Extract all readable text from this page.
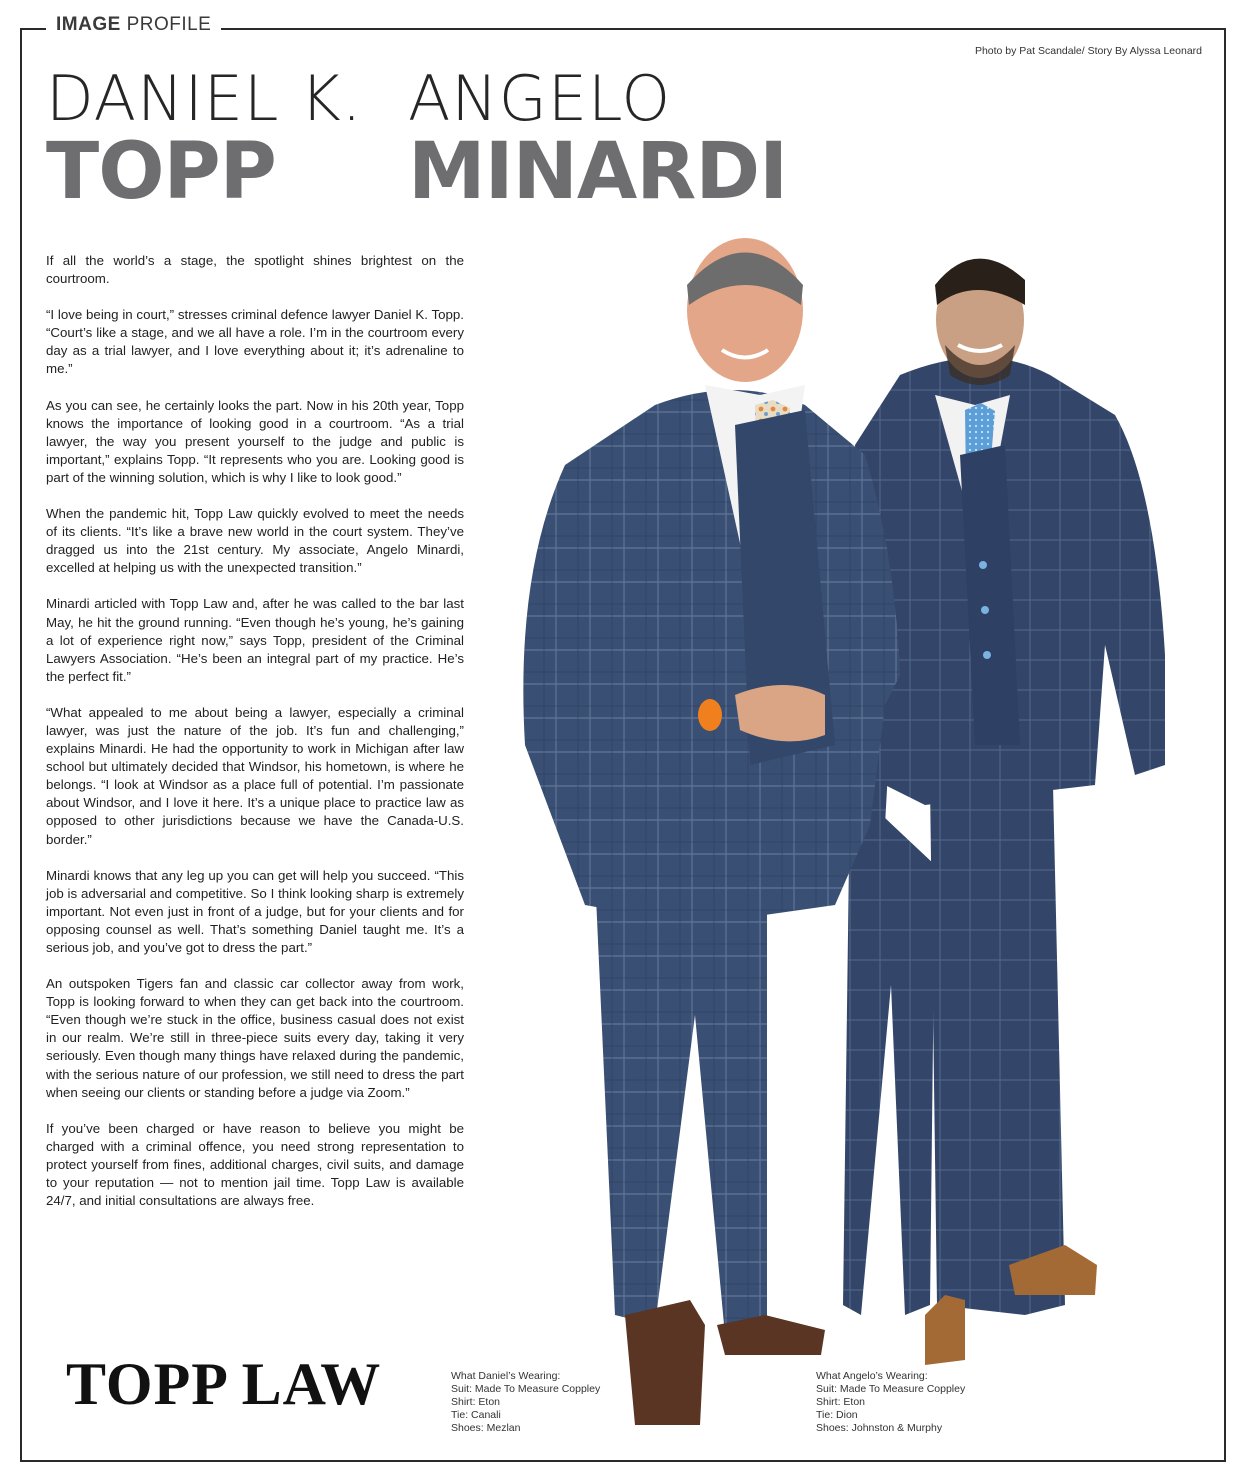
IMAGE PROFILE
Photo by Pat Scandale/ Story By Alyssa Leonard
DANIEL K.
TOPP
ANGELO
MINARDI

If all the world’s a stage, the spotlight shines brightest on the courtroom.

“I love being in court,” stresses criminal defence lawyer Daniel K. Topp. “Court’s like a stage, and we all have a role. I’m in the courtroom every day as a trial lawyer, and I love everything about it; it’s adrenaline to me.”

As you can see, he certainly looks the part. Now in his 20th year, Topp knows the importance of looking good in a courtroom. “As a trial lawyer, the way you present yourself to the judge and public is important,” explains Topp. “It represents who you are. Looking good is part of the winning solution, which is why I like to look good.”

When the pandemic hit, Topp Law quickly evolved to meet the needs of its clients. “It’s like a brave new world in the court system. They’ve dragged us into the 21st century. My associate, Angelo Minardi, excelled at helping us with the unexpected transition.”

Minardi articled with Topp Law and, after he was called to the bar last May, he hit the ground running. “Even though he’s young, he’s gaining a lot of experience right now,” says Topp, president of the Criminal Lawyers Association. “He’s been an integral part of my practice. He’s the perfect fit.”

“What appealed to me about being a lawyer, especially a criminal lawyer, was just the nature of the job. It’s fun and challenging,” explains Minardi. He had the opportunity to work in Michigan after law school but ultimately decided that Windsor, his hometown, is where he belongs. “I look at Windsor as a place full of potential. I’m passionate about Windsor, and I love it here. It’s a unique place to practice law as opposed to other jurisdictions because we have the Canada-U.S. border.”

Minardi knows that any leg up you can get will help you succeed. “This job is adversarial and competitive. So I think looking sharp is extremely important. Not even just in front of a judge, but for your clients and for opposing counsel as well. That’s something Daniel taught me. It’s a serious job, and you’ve got to dress the part.”

An outspoken Tigers fan and classic car collector away from work, Topp is looking forward to when they can get back into the courtroom. “Even though we’re stuck in the office, business casual does not exist in our realm. We’re still in three-piece suits every day, taking it very seriously. Even though many things have relaxed during the pandemic, with the serious nature of our profession, we still need to dress the part when seeing our clients or standing before a judge via Zoom.”

If you’ve been charged or have reason to believe you might be charged with a criminal offence, you need strong representation to protect yourself from fines, additional charges, civil suits, and damage to your reputation — not to mention jail time. Topp Law is available 24/7, and initial consultations are always free.

TOPP LAW	What Daniel’s Wearing:
Suit: Made To Measure Coppley
Shirt: Eton
Tie: Canali
Shoes: Mezlan
What Angelo’s Wearing:
Suit: Made To Measure Coppley
Shirt: Eton
Tie: Dion
Shoes: Johnston & Murphy
